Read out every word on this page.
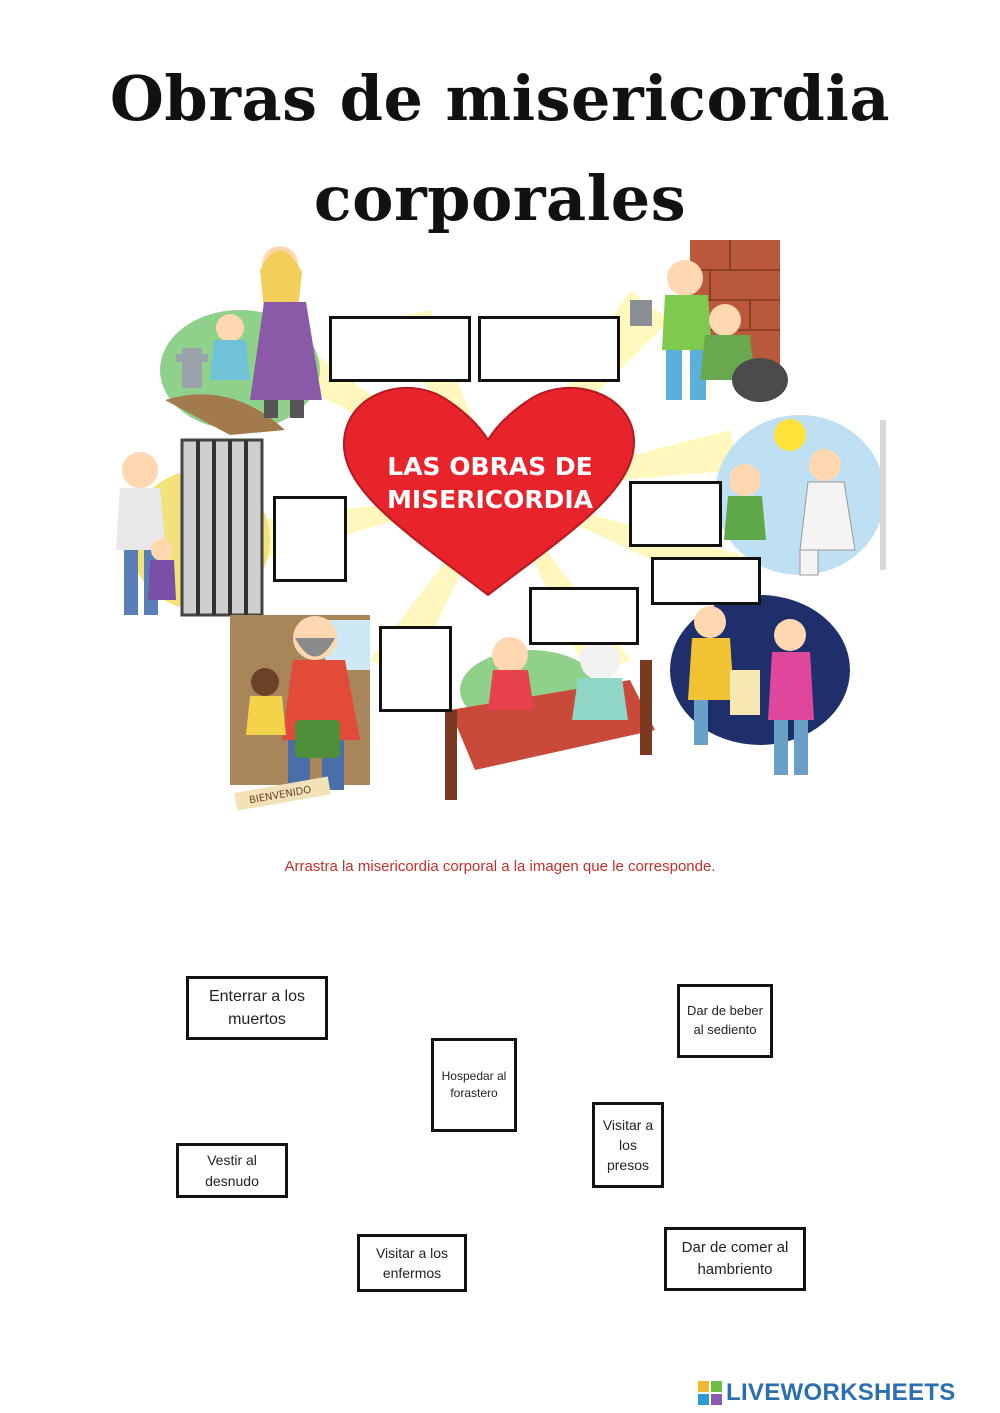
Obras de misericordia
corporales
BIENVENIDO
LAS OBRAS DE
MISERICORDIA
Arrastra la misericordia corporal a la imagen que le corresponde.
Enterrar a los muertos
Dar de beber al sediento
Hospedar al forastero
Visitar a los presos
Vestir al desnudo
Visitar a los enfermos
Dar de comer al hambriento
LIVEWORKSHEETS
